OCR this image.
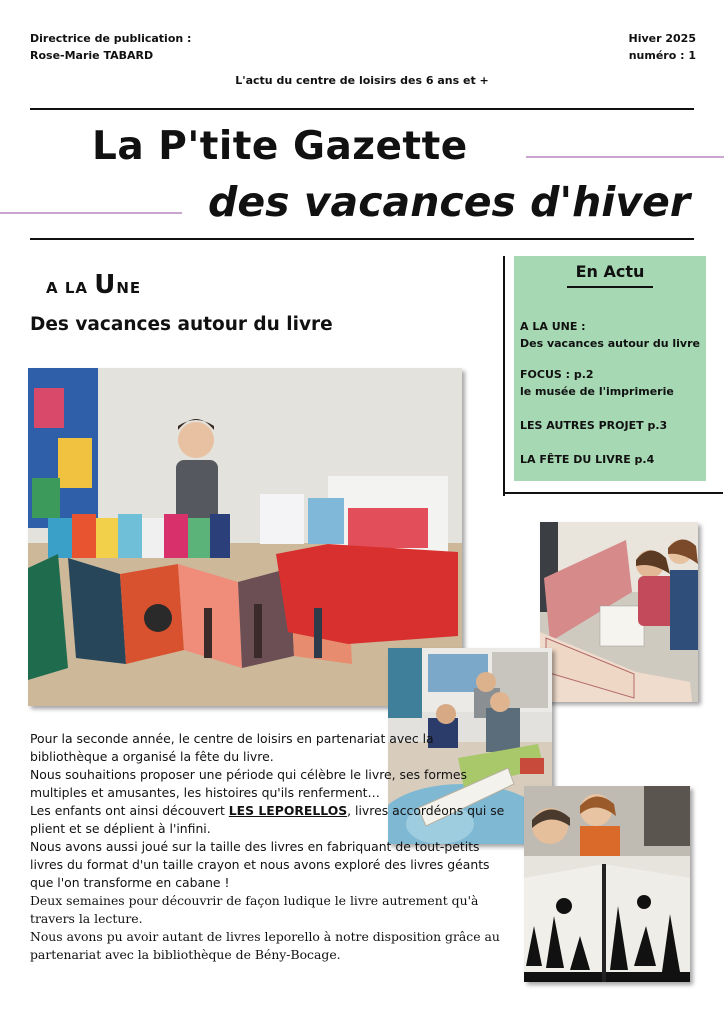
Directrice de publication :
Rose-Marie TABARD
Hiver 2025
numéro : 1
L'actu du centre de loisirs des 6 ans et +
La P'tite Gazette
des vacances d'hiver
A LA UNE
Des vacances autour du livre
En Actu
A LA UNE :
Des vacances autour du livre
FOCUS : p.2
le musée de l'imprimerie
LES AUTRES PROJET p.3
LA FÊTE DU LIVRE p.4

Pour la seconde année, le centre de loisirs en partenariat avec la bibliothèque a organisé la fête du livre.

Nous souhaitions proposer une période qui célèbre le livre, ses formes multiples et amusantes, les histoires qu'ils renferment…

Les enfants ont ainsi découvert LES LEPORELLOS, livres accordéons qui se plient et se déplient à l'infini.

Nous avons aussi joué sur la taille des livres en fabriquant de tout-petits livres du format d'un taille crayon et nous avons exploré des livres géants que l'on transforme en cabane !

Deux semaines pour découvrir de façon ludique le livre autrement qu'à travers la lecture.

Nous avons pu avoir autant de livres leporello à notre disposition grâce au partenariat avec la bibliothèque de Bény-Bocage.
